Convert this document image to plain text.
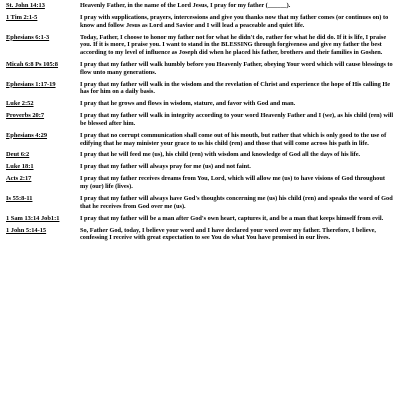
St. John 14:13	Heavenly Father, in the name of the Lord Jesus, I pray for my father (______).
1 Tim 2:1-5	I pray with supplications, prayers, intercessions and give you thanks now that my father comes (or continues on) to know and follow Jesus as Lord and Savior and I will lead a peaceable and quiet life.
Ephesians 6:1-3	Today, Father, I choose to honor my father not for what he didn't do, rather for what he did do. If it is life, I praise you. If it is more, I praise you. I want to stand in the BLESSING through forgiveness and give my father the best according to my level of influence as Joseph did when he placed his father, brothers and their families in Goshen.
Micah 6:8 Ps 105:8	I pray that my father will walk humbly before you Heavenly Father, obeying Your word which will cause blessings to flow unto many generations.
Ephesians 1:17-19	I pray that my father will walk in the wisdom and the revelation of Christ and experience the hope of His calling He has for him on a daily basis.
Luke 2:52	I pray that he grows and flows in wisdom, stature, and favor with God and man.
Proverbs 20:7	I pray that my father will walk in integrity according to your word Heavenly Father and I (we), as his child (ren) will be blessed after him.
Ephesians 4:29	I pray that no corrupt communication shall come out of his mouth, but rather that which is only good to the use of edifying that he may minister your grace to us his child (ren) and those that will come across his path in life.
Deut 6:2	I pray that he will feed me (us), his child (ren) with wisdom and knowledge of God all the days of his life.
Luke 18:1	I pray that my father will always pray for me (us) and not faint.
Acts 2:17	I pray that my father receives dreams from You, Lord, which will allow me (us) to have visions of God throughout my (our) life (lives).
Is 55:8-11	I pray that my father will always have God's thoughts concerning me (us) his child (ren) and speaks the word of God that he receives from God over me (us).
1 Sam 13:14 Job1:1	I pray that my father will be a man after God's own heart, captures it, and be a man that keeps himself from evil.
1 John 5:14-15	So, Father God, today, I believe your word and I have declared your word over my father. Therefore, I believe, confessing I receive with great expectation to see You do what You have promised in our lives.
